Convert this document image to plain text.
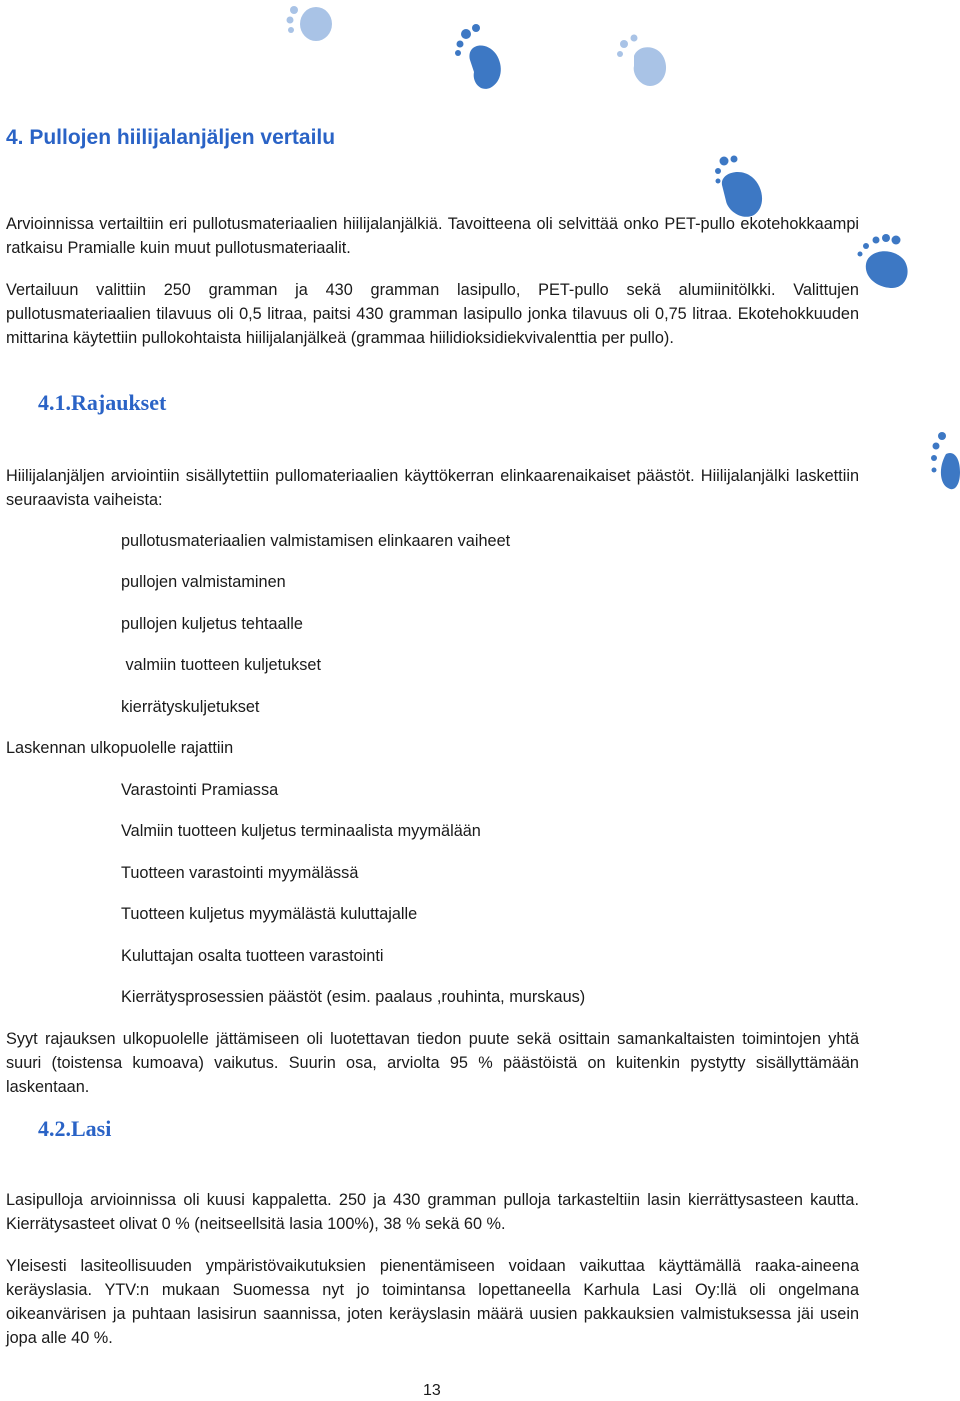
4. Pullojen hiilijalanjäljen vertailu

Arvioinnissa vertailtiin eri pullotusmateriaalien hiilijalanjälkiä. Tavoitteena oli selvittää onko PET-pullo ekotehokkaampi ratkaisu Pramialle kuin muut pullotusmateriaalit.

Vertailuun valittiin 250 gramman ja 430 gramman lasipullo, PET-pullo sekä alumiinitölkki. Valittujen pullotusmateriaalien tilavuus oli 0,5 litraa, paitsi 430 gramman lasipullo jonka tilavuus oli 0,75 litraa. Ekotehokkuuden mittarina käytettiin pullokohtaista hiilijalanjälkeä (grammaa hiilidioksidiekvivalenttia per pullo).

4.1.Rajaukset

Hiilijalanjäljen arviointiin sisällytettiin pullomateriaalien käyttökerran elinkaarenaikaiset päästöt. Hiilijalanjälki laskettiin seuraavista vaiheista:

pullotusmateriaalien valmistamisen elinkaaren vaiheet

pullojen valmistaminen

pullojen kuljetus tehtaalle

valmiin tuotteen kuljetukset

kierrätyskuljetukset

Laskennan ulkopuolelle rajattiin

Varastointi Pramiassa

Valmiin tuotteen kuljetus terminaalista myymälään

Tuotteen varastointi myymälässä

Tuotteen kuljetus myymälästä kuluttajalle

Kuluttajan osalta tuotteen varastointi

Kierrätysprosessien päästöt (esim. paalaus ,rouhinta, murskaus)

Syyt rajauksen ulkopuolelle jättämiseen oli luotettavan tiedon puute sekä osittain samankaltaisten toimintojen yhtä suuri (toistensa kumoava) vaikutus. Suurin osa, arviolta 95 % päästöistä on kuitenkin pystytty sisällyttämään laskentaan.

4.2.Lasi

Lasipulloja arvioinnissa oli kuusi kappaletta. 250 ja 430 gramman pulloja tarkasteltiin lasin kierrättysasteen kautta. Kierrätysasteet olivat 0 % (neitseellsitä lasia 100%), 38 % sekä 60 %.

Yleisesti lasiteollisuuden ympäristövaikutuksien pienentämiseen voidaan vaikuttaa käyttämällä raaka-aineena keräyslasia. YTV:n mukaan Suomessa nyt jo toimintansa lopettaneella Karhula Lasi Oy:llä oli ongelmana oikeanvärisen ja puhtaan lasisirun saannissa, joten keräyslasin määrä uusien pakkauksien valmistuksessa jäi usein jopa alle 40 %.

13
